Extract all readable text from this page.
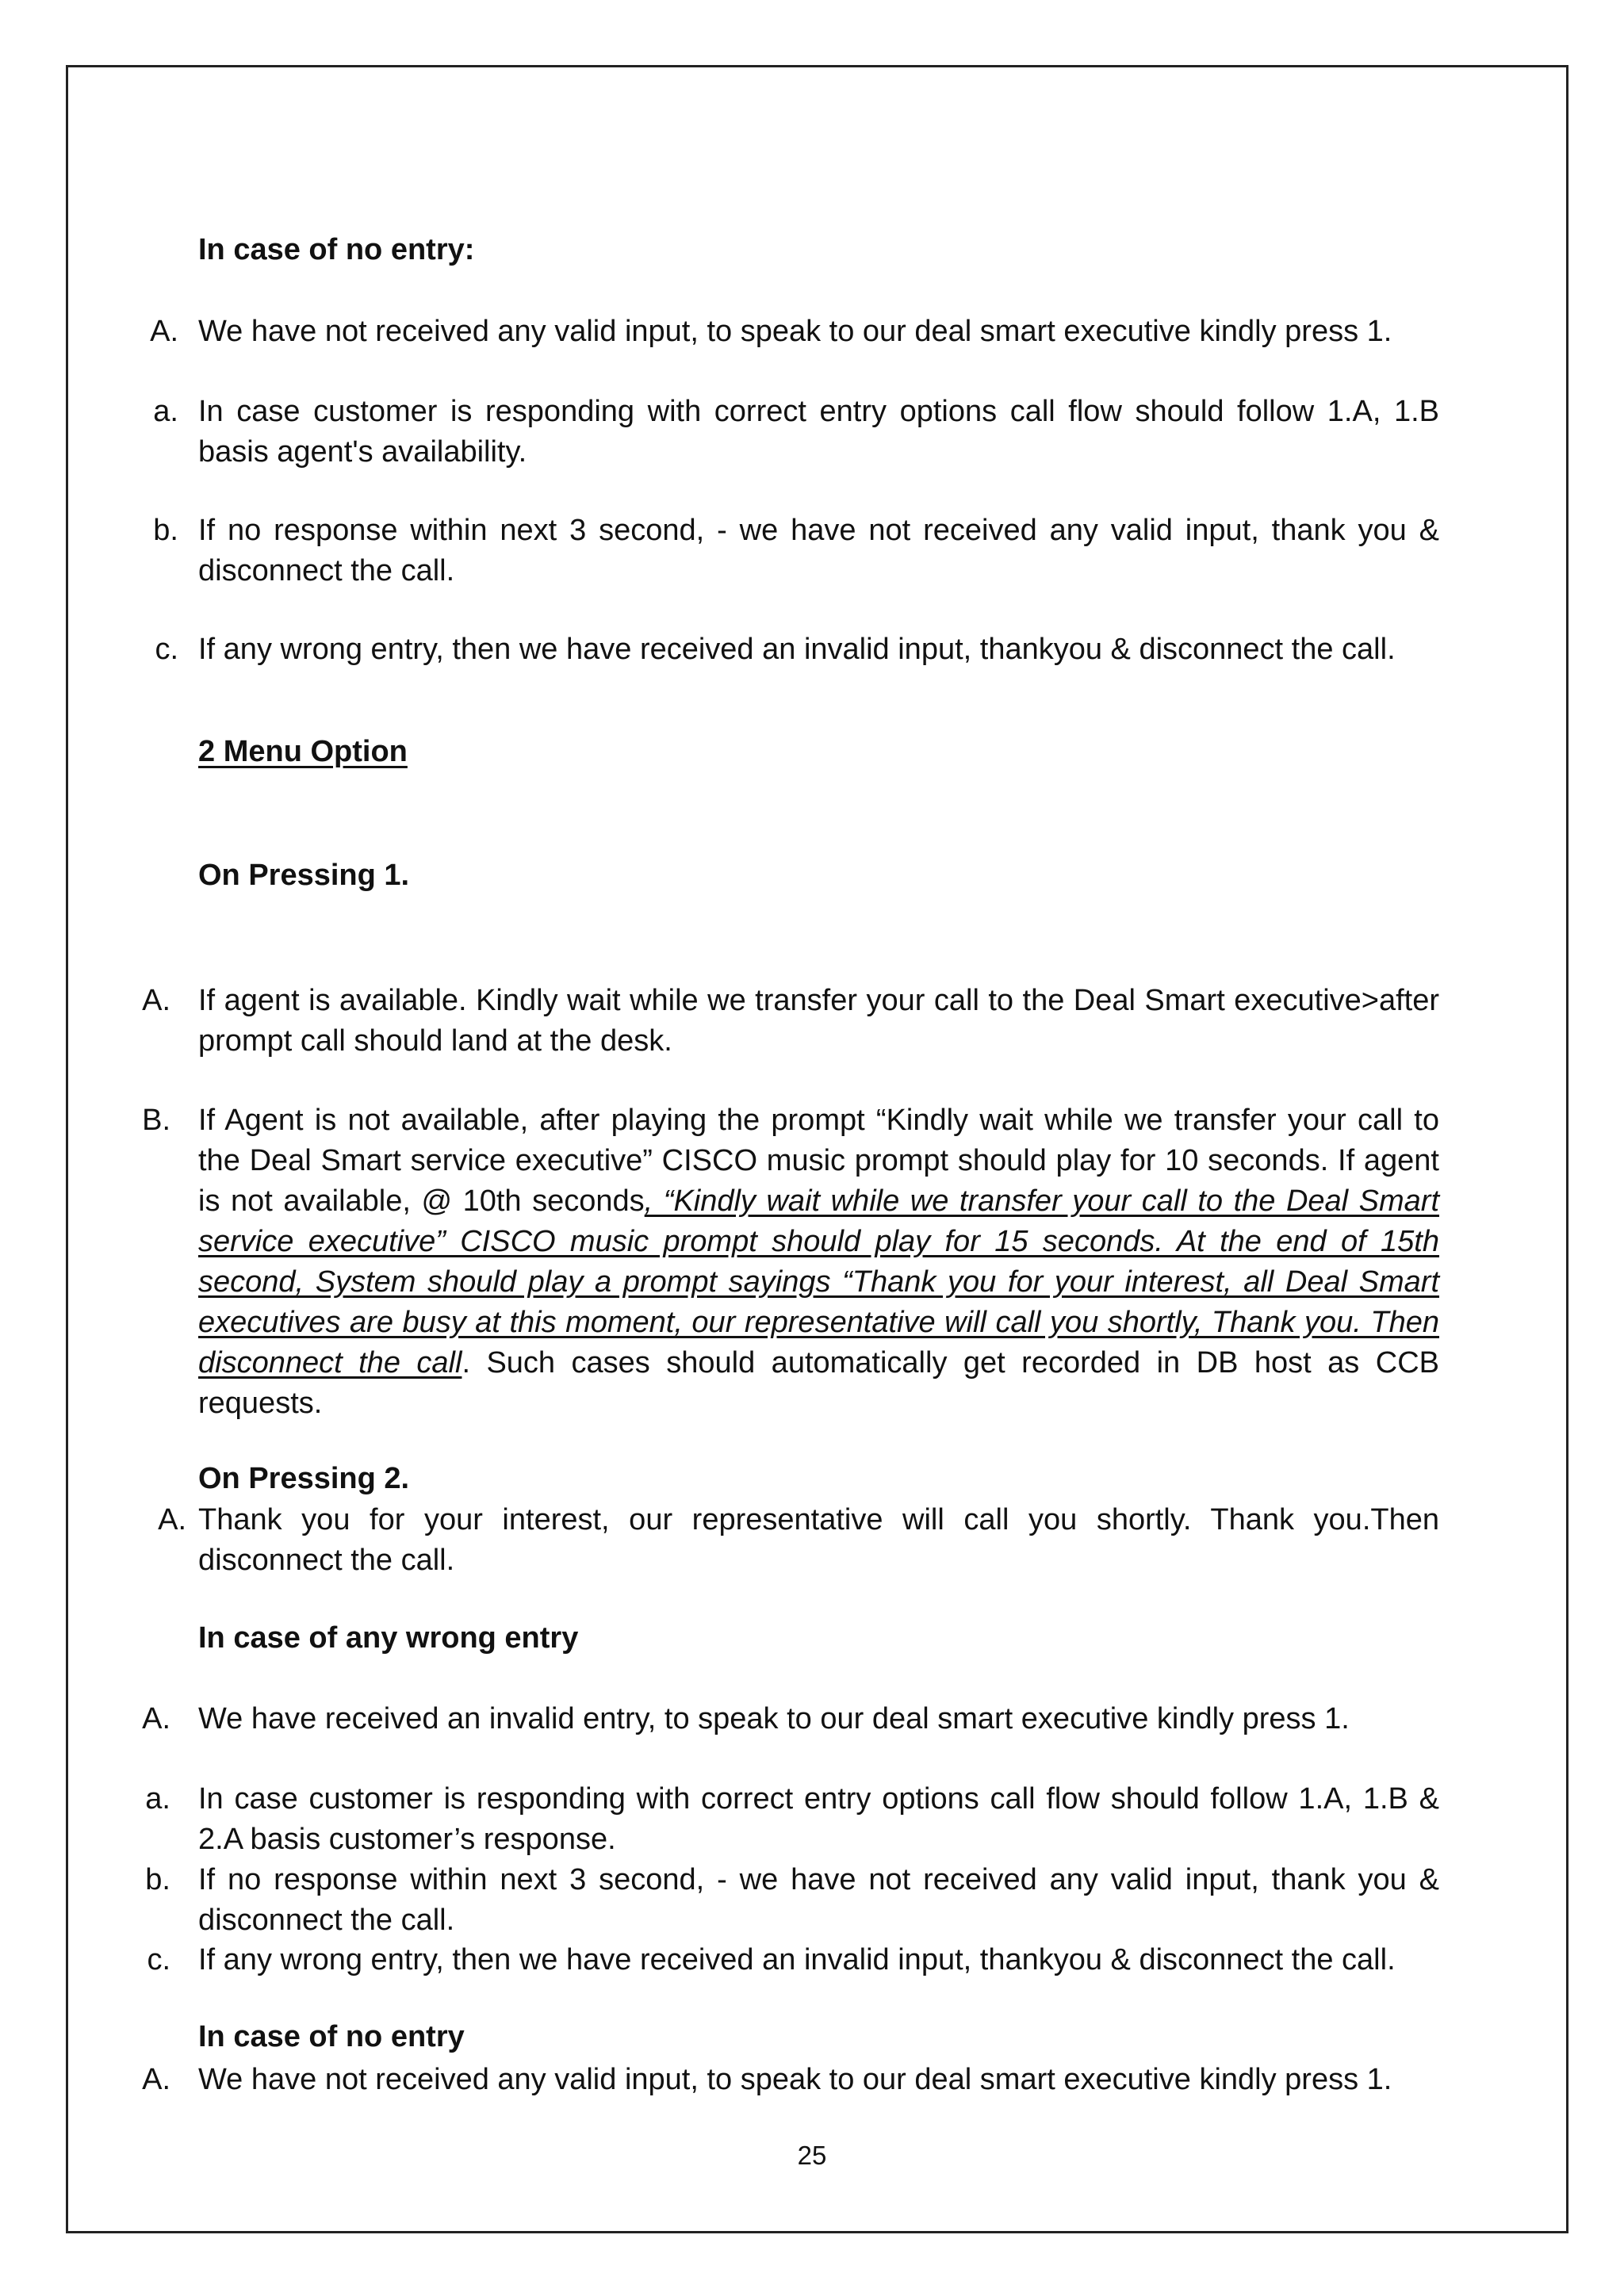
In case of no entry:
A. We have not received any valid input, to speak to our deal smart executive kindly press 1.
a. In case customer is responding with correct entry options call flow should follow 1.A, 1.B basis agent's availability.
b. If no response within next 3 second, - we have not received any valid input, thank you & disconnect the call.
c. If any wrong entry, then we have received an invalid input, thankyou & disconnect the call.
2 Menu Option
On Pressing 1.
A. If agent is available. Kindly wait while we transfer your call to the Deal Smart executive>after prompt call should land at the desk.
B. If Agent is not available, after playing the prompt “Kindly wait while we transfer your call to the Deal Smart service executive” CISCO music prompt should play for 10 seconds. If agent is not available, @ 10th seconds, “Kindly wait while we transfer your call to the Deal Smart service executive” CISCO music prompt should play for 15 seconds. At the end of 15th second, System should play a prompt sayings “Thank you for your interest, all Deal Smart executives are busy at this moment, our representative will call you shortly, Thank you. Then disconnect the call. Such cases should automatically get recorded in DB host as CCB requests.
On Pressing 2.
A. Thank you for your interest, our representative will call you shortly. Thank you.Then disconnect the call.
In case of any wrong entry
A. We have received an invalid entry, to speak to our deal smart executive kindly press 1.
a. In case customer is responding with correct entry options call flow should follow 1.A, 1.B & 2.A basis customer’s response.
b. If no response within next 3 second, - we have not received any valid input, thank you & disconnect the call.
c. If any wrong entry, then we have received an invalid input, thankyou & disconnect the call.
In case of no entry
A. We have not received any valid input, to speak to our deal smart executive kindly press 1.
25
